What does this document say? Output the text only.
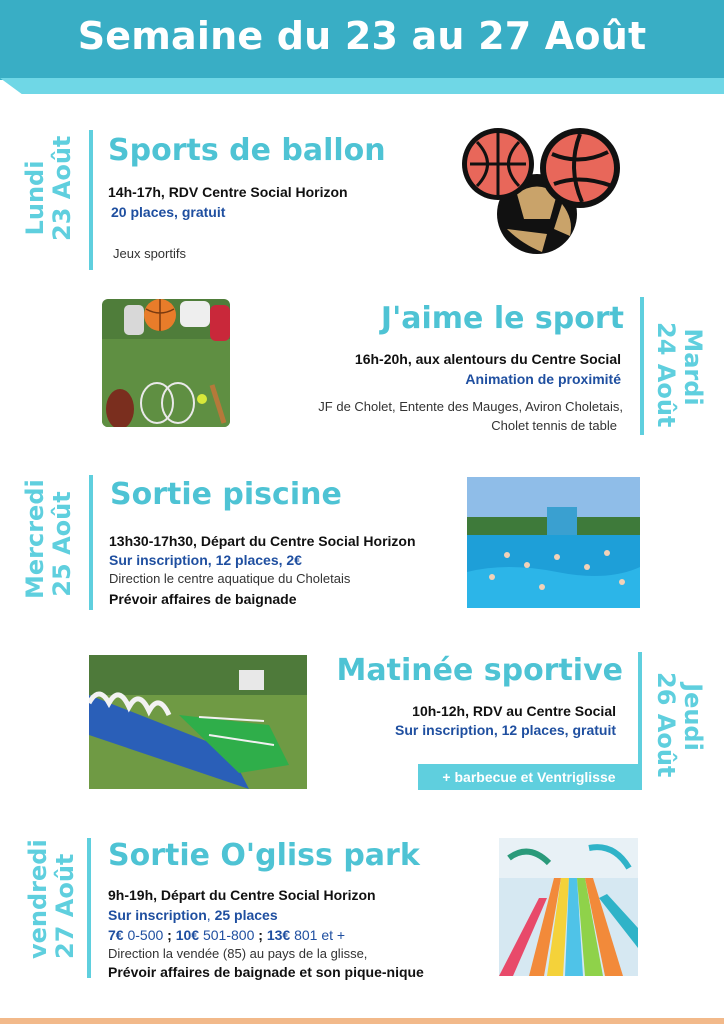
Semaine du 23 au 27 Août
Lundi 23 Août Sports de ballon
14h-17h, RDV Centre Social Horizon
20 places, gratuit
Jeux sportifs
J'aime le sport
16h-20h, aux alentours du Centre Social
Animation de proximité
JF de Cholet, Entente des Mauges, Aviron Choletais,
Cholet tennis de table
Mardi
24 Août
Mercredi 25 Août Sortie piscine
13h30-17h30, Départ du Centre Social Horizon
Sur inscription, 12 places, 2€
Direction le centre aquatique du Choletais
Prévoir affaires de baignade
Matinée sportive
10h-12h, RDV au Centre Social
Sur inscription, 12 places, gratuit
+ barbecue et Ventriglisse
Jeudi
26 Août
vendredi 27 Août Sortie O'gliss park
9h-19h, Départ du Centre Social Horizon
Sur inscription, 25 places
7€ 0-500 ; 10€ 501-800 ; 13€ 801 et +
Direction la vendée (85) au pays de la glisse,
Prévoir affaires de baignade et son pique-nique
